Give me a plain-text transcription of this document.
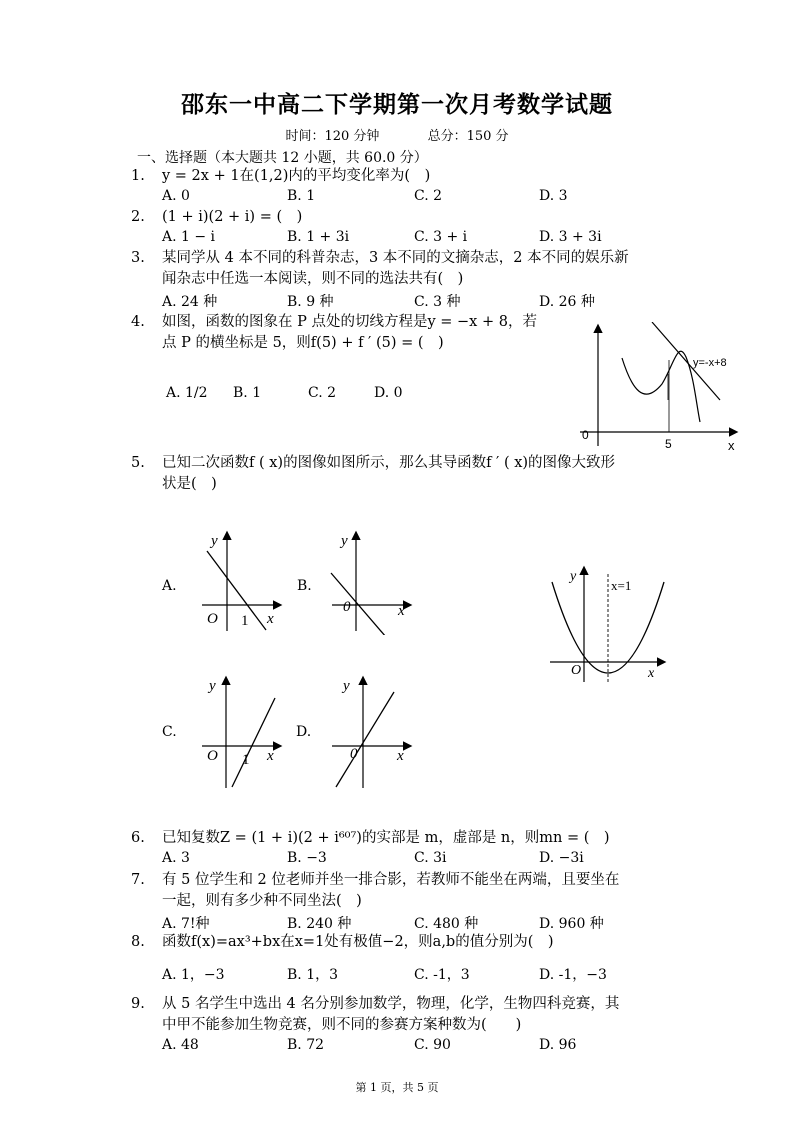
邵东一中高二下学期第一次月考数学试题
时间：120 分钟	总分：150 分
一、选择题（本大题共 12 小题，共 60.0 分）
1.	y = 2x + 1在(1,2)内的平均变化率为(　)
A. 0	B. 1	C. 2	D. 3
2.	(1 + i)(2 + i) = (　)
A. 1 − i	B. 1 + 3i	C. 3 + i	D. 3 + 3i
3.	某同学从 4 本不同的科普杂志，3 本不同的文摘杂志，2 本不同的娱乐新
闻杂志中任选一本阅读，则不同的选法共有(　)
A. 24 种	B. 9 种	C. 3 种	D. 26 种
4.	如图，函数的图象在 P 点处的切线方程是y = −x + 8，若
点 P 的横坐标是 5，则f(5) + f ′ (5) = (　)
A. 1/2 B. 1	C. 2	D. 0
y=-x+8
0
5	x
5.	已知二次函数f ( x)的图像如图所示，那么其导函数f ′ ( x)的图像大致形
状是(　)
A.	B.
C.	D.
y
O 1 x
y
0	x
y
O 1 x
y
0	x
y
x=1
O	x
6.	已知复数Z = (1 + i)(2 + i⁶⁰⁷)的实部是 m，虚部是 n，则mn = (　)
A. 3	B. −3	C. 3i	D. −3i
7.	有 5 位学生和 2 位老师并坐一排合影，若教师不能坐在两端，且要坐在
一起，则有多少种不同坐法(　)
A. 7!种	B. 240 种	C. 480 种	D. 960 种
8.	函数f(x)=ax³+bx在x=1处有极值−2，则a,b的值分别为(　)
A. 1，−3	B. 1，3	C. -1，3	D. -1，−3
9.	从 5 名学生中选出 4 名分别参加数学，物理，化学，生物四科竞赛，其
中甲不能参加生物竞赛，则不同的参赛方案种数为(　　)
A. 48	B. 72	C. 90	D. 96
第 1 页，共 5 页
